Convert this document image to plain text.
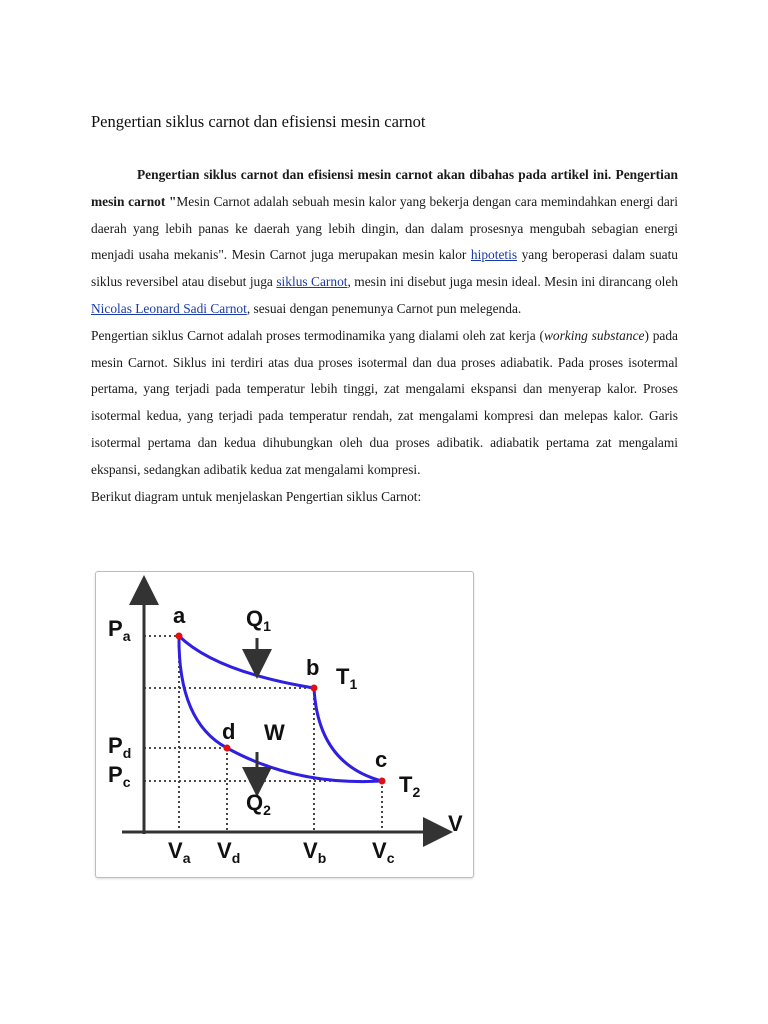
Pengertian siklus carnot dan efisiensi mesin carnot

Pengertian siklus carnot dan efisiensi mesin carnot akan dibahas pada artikel ini. Pengertian mesin carnot "Mesin Carnot adalah sebuah mesin kalor yang bekerja dengan cara memindahkan energi dari daerah yang lebih panas ke daerah yang lebih dingin, dan dalam prosesnya mengubah sebagian energi menjadi usaha mekanis". Mesin Carnot juga merupakan mesin kalor hipotetis yang beroperasi dalam suatu siklus reversibel atau disebut juga siklus Carnot, mesin ini disebut juga mesin ideal. Mesin ini dirancang oleh Nicolas Leonard Sadi Carnot, sesuai dengan penemunya Carnot pun melegenda.

Pengertian siklus Carnot adalah proses termodinamika yang dialami oleh zat kerja (working substance) pada mesin Carnot. Siklus ini terdiri atas dua proses isotermal dan dua proses adiabatik. Pada proses isotermal pertama, yang terjadi pada temperatur lebih tinggi, zat mengalami ekspansi dan menyerap kalor. Proses isotermal kedua, yang terjadi pada temperatur rendah, zat mengalami kompresi dan melepas kalor. Garis isotermal pertama dan kedua dihubungkan oleh dua proses adibatik. adiabatik pertama zat mengalami ekspansi, sedangkan adibatik kedua zat mengalami kompresi.

Berikut diagram untuk menjelaskan Pengertian siklus Carnot:

V
a
b
c
d
$Q_1$
$Q_2$
W
$T_1$
$T_2$
$P_a$
$P_d$
$P_c$
$V_a$ $V_d$	$V_b$ $V_c$
